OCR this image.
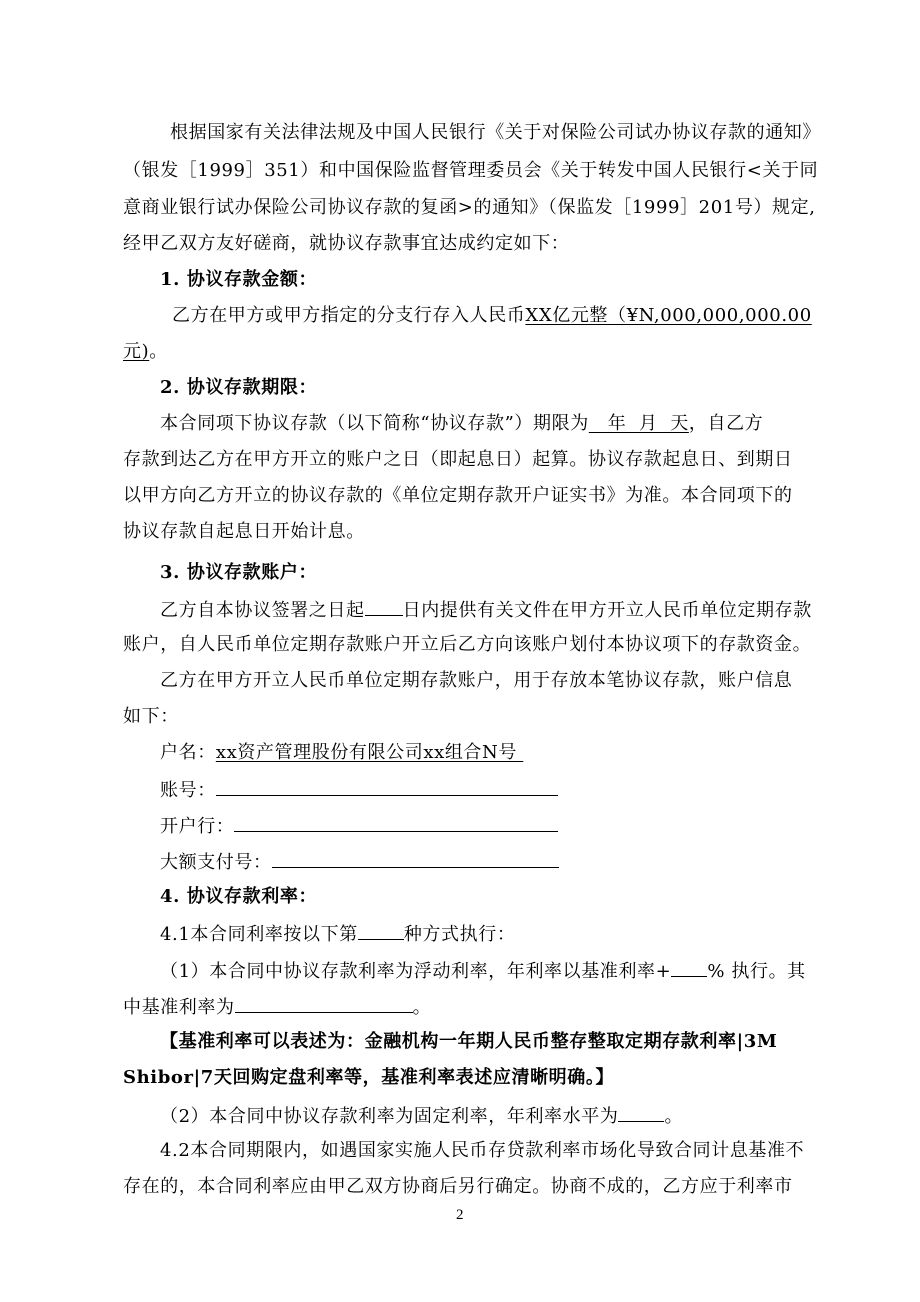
根据国家有关法律法规及中国人民银行《关于对保险公司试办协议存款的通知》
（银发［1999］351）和中国保险监督管理委员会《关于转发中国人民银行<关于同
意商业银行试办保险公司协议存款的复函>的通知》（保监发［1999］201号）规定,
经甲乙双方友好磋商，就协议存款事宜达成约定如下：
1. 协议存款金额：
乙方在甲方或甲方指定的分支行存入人民币XX亿元整（¥N,000,000,000.00
元)。
2. 协议存款期限：
本合同项下协议存款（以下简称“协议存款”）期限为   年  月  天，自乙方
存款到达乙方在甲方开立的账户之日（即起息日）起算。协议存款起息日、到期日
以甲方向乙方开立的协议存款的《单位定期存款开户证实书》为准。本合同项下的
协议存款自起息日开始计息。
3. 协议存款账户：
乙方自本协议签署之日起 日内提供有关文件在甲方开立人民币单位定期存款
账户，自人民币单位定期存款账户开立后乙方向该账户划付本协议项下的存款资金。
乙方在甲方开立人民币单位定期存款账户，用于存放本笔协议存款，账户信息
如下：
户名：xx资产管理股份有限公司xx组合N号
账号：
开户行：
大额支付号：
4. 协议存款利率：
4.1本合同利率按以下第	种方式执行：
（1）本合同中协议存款利率为浮动利率，年利率以基准利率+ % 执行。其
中基准利率为	。
【基准利率可以表述为：金融机构一年期人民币整存整取定期存款利率|3M
Shibor|7天回购定盘利率等，基准利率表述应清晰明确。】
（2）本合同中协议存款利率为固定利率，年利率水平为	。
4.2本合同期限内，如遇国家实施人民币存贷款利率市场化导致合同计息基准不
存在的，本合同利率应由甲乙双方协商后另行确定。协商不成的，乙方应于利率市
2
